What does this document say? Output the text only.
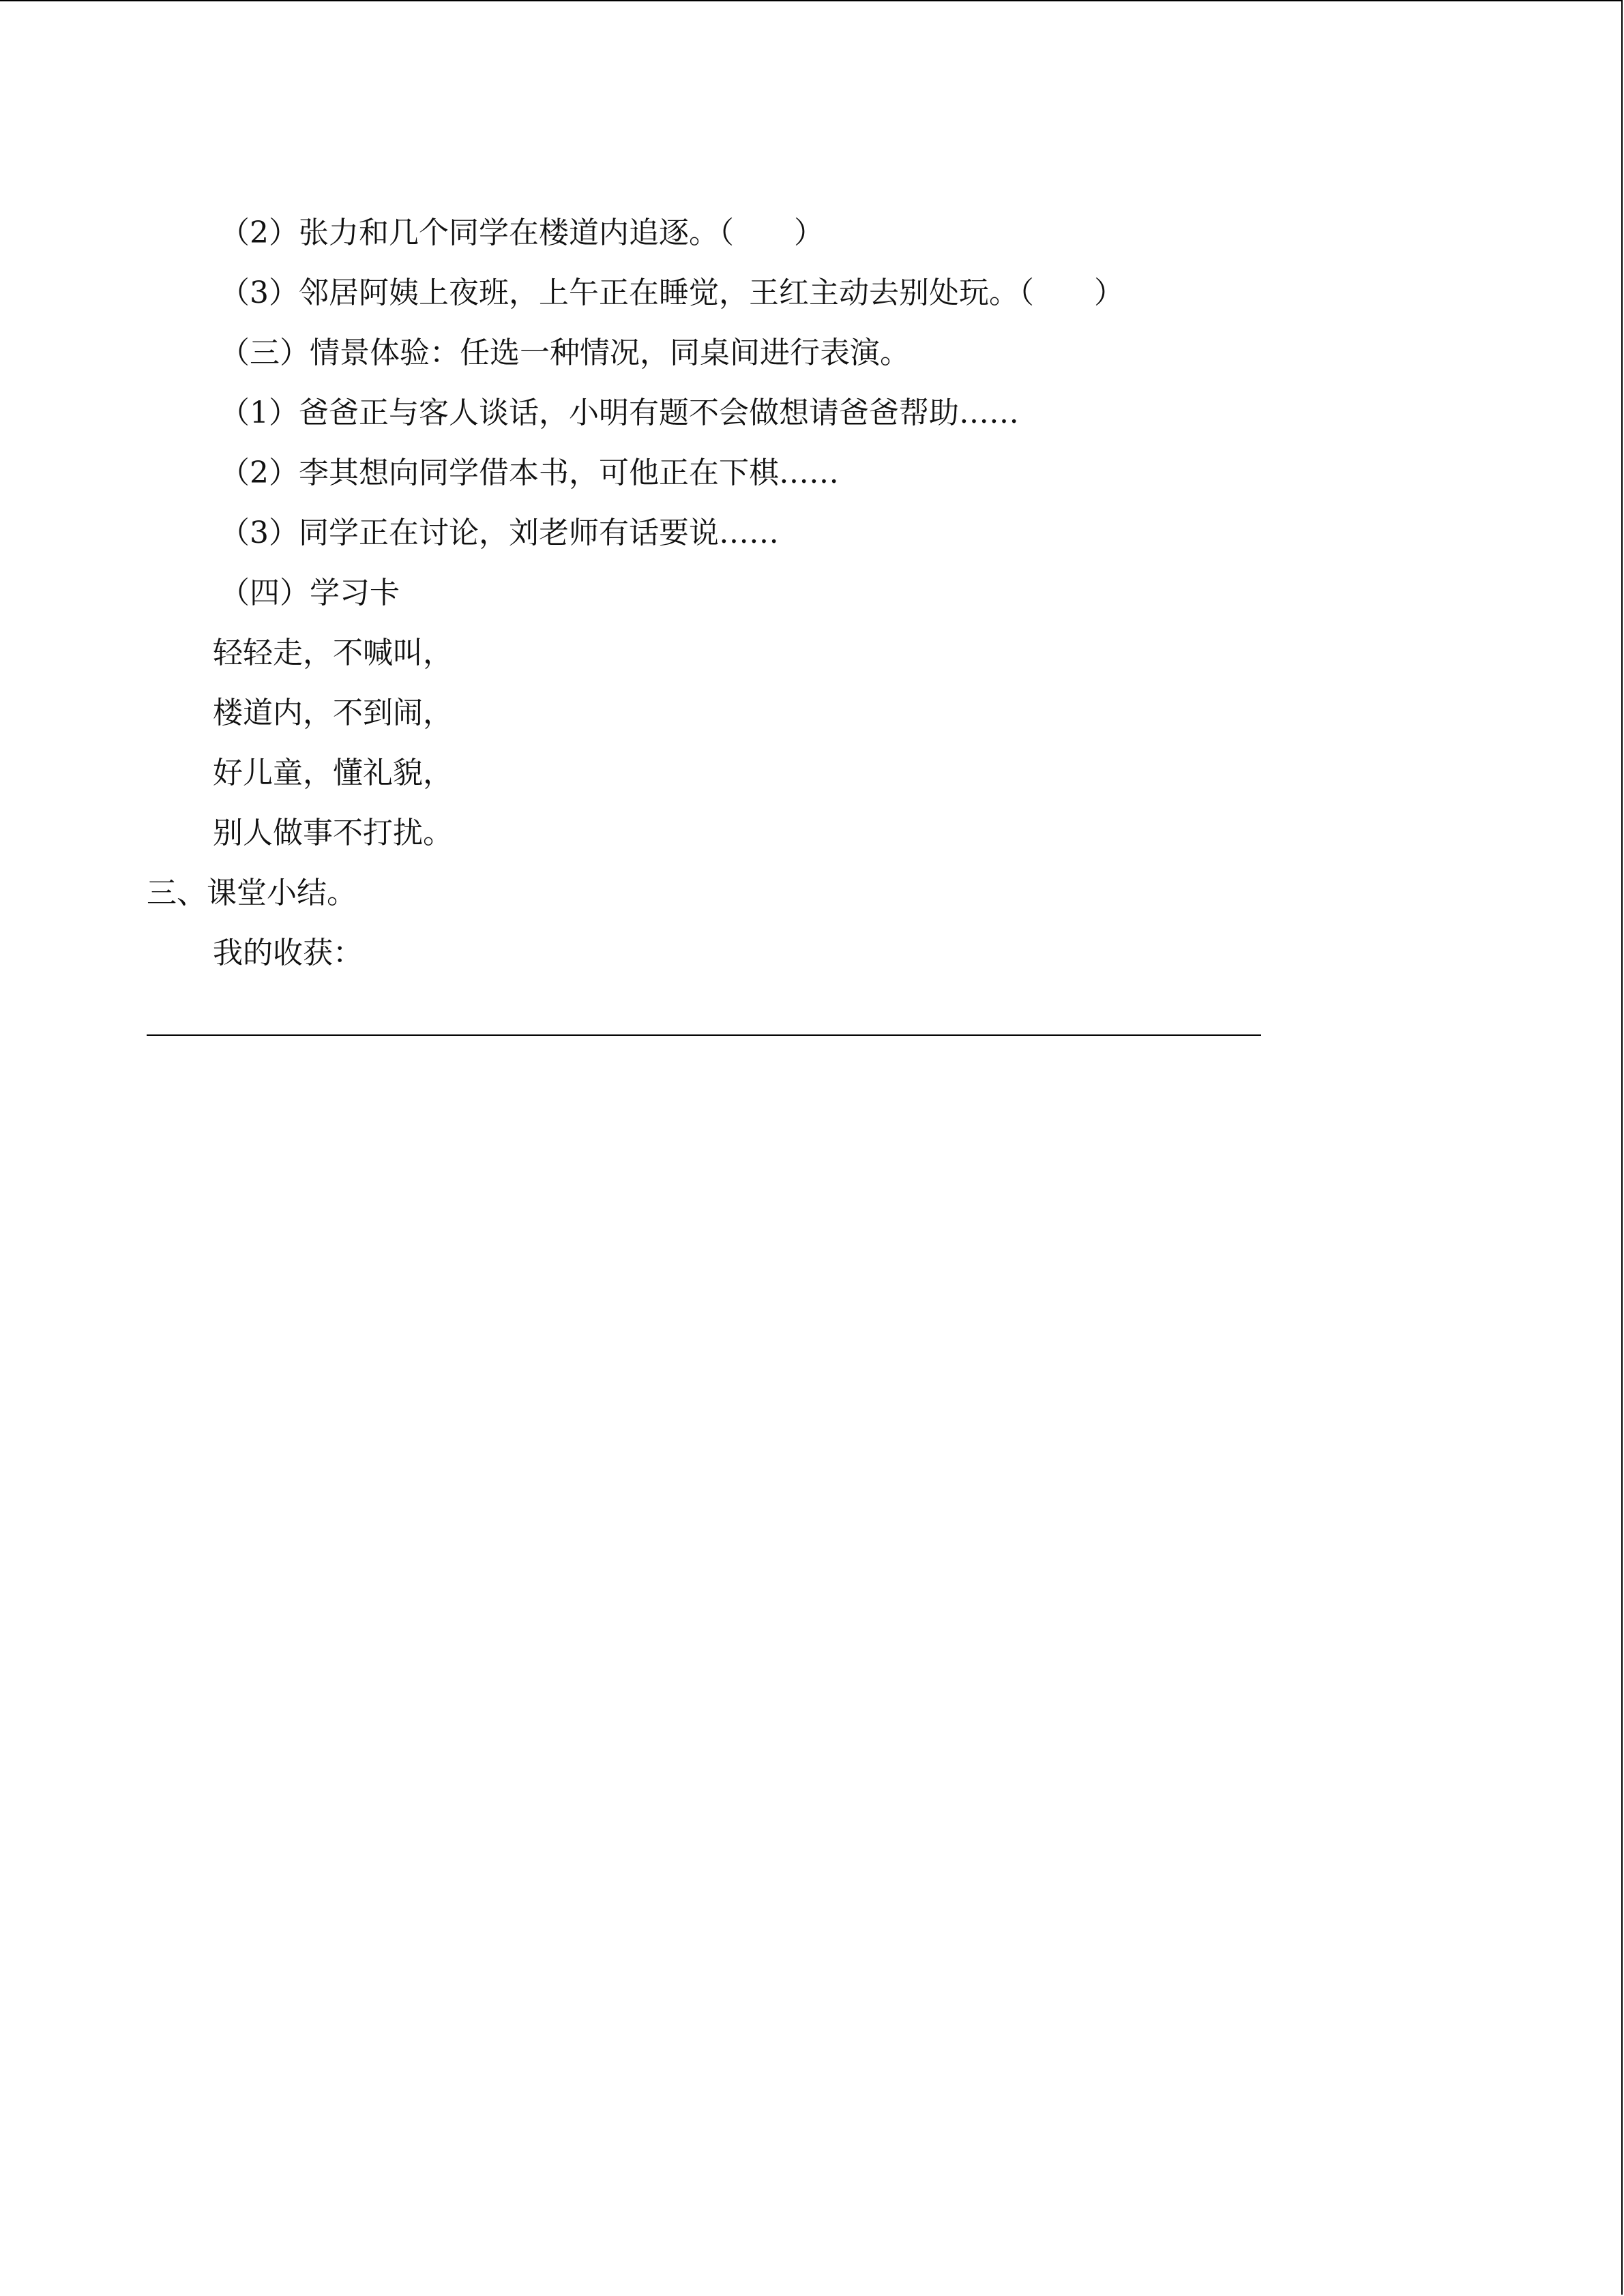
（2）张力和几个同学在楼道内追逐。（　　）
（3）邻居阿姨上夜班，上午正在睡觉，王红主动去别处玩。（　　）
（三）情景体验：任选一种情况，同桌间进行表演。
（1）爸爸正与客人谈话，小明有题不会做想请爸爸帮助……
（2）李其想向同学借本书，可他正在下棋……
（3）同学正在讨论，刘老师有话要说……
（四）学习卡
轻轻走，不喊叫，
楼道内，不到闹，
好儿童，懂礼貌，
别人做事不打扰。
三、课堂小结。
我的收获：
